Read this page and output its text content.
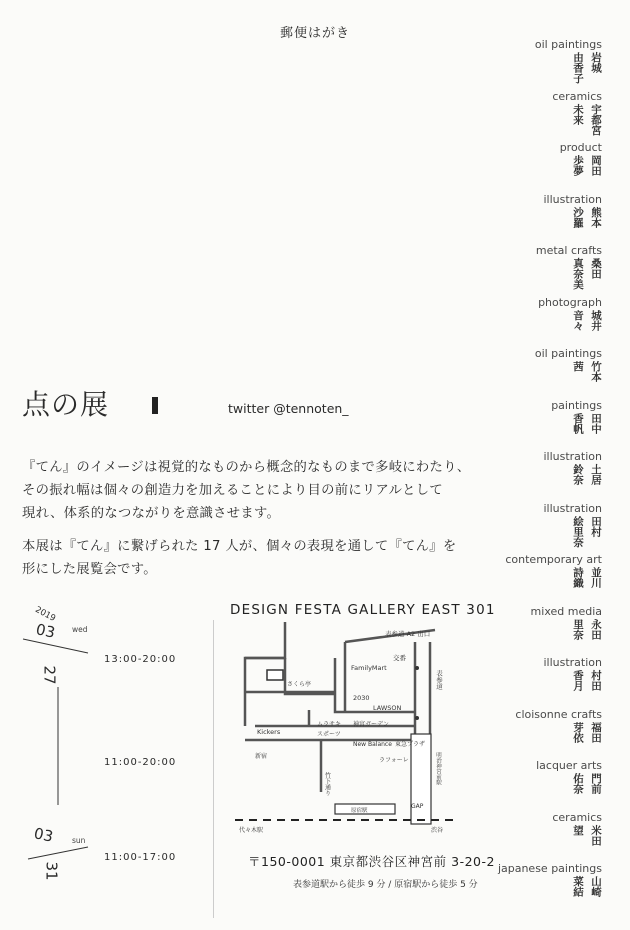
郵便はがき
点の展	twitter @tennoten_
『てん』のイメージは視覚的なものから概念的なものまで多岐にわたり、
その振れ幅は個々の創造力を加えることにより目の前にリアルとして
現れ、体系的なつながりを意識させます。
本展は『てん』に繋げられた 17 人が、個々の表現を通して『てん』を
形にした展覧会です。
oil paintings
岩城
由香子
ceramics
宇都宮
未来
product
岡田
歩夢
illustration
熊本
沙羅
metal crafts
桑田
真奈美
photograph
城井
音々
oil paintings
竹本
茜
paintings
田中
香帆
illustration
土居
鈴奈
illustration
田村
絵里奈
contemporary art
並川
詩織
mixed media
永田
里奈
illustration
村田
香月
cloisonne crafts
福田
芽依
lacquer arts
門前
佑奈
ceramics
米田
望
japanese paintings
山崎
菜結
2019
03 wed
27
03 sun
31
13:00-20:00
11:00-20:00
11:00-17:00
DESIGN FESTA GALLERY EAST 301
表参道 A2 出口
交番
表参道
FamilyMart
さくら亭
2030
LAWSON
ムラサキ
スポーツ
神宮ガーデン
Kickers
New Balance 東急プラザ
ラフォーレ
新宿
竹下通り	明治神宮前駅
GAP
原宿駅
代々木駅	渋谷
〒150-0001 東京都渋谷区神宮前 3-20-2
表参道駅から徒歩 9 分 / 原宿駅から徒歩 5 分
